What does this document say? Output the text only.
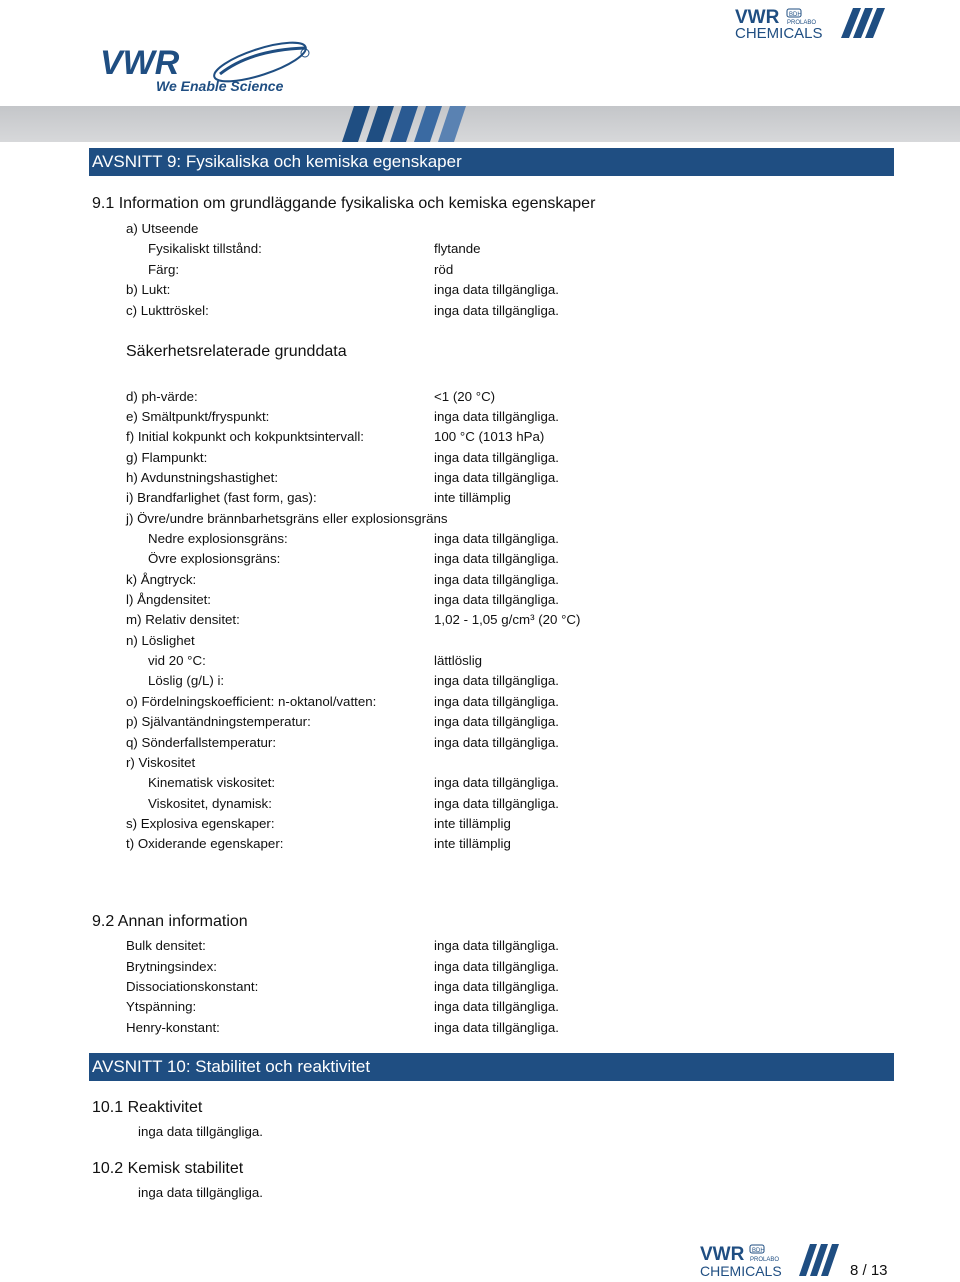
VWR BDH
PROLABO
CHEMICALS
VWR
We Enable Science
AVSNITT 9: Fysikaliska och kemiska egenskaper
9.1 Information om grundläggande fysikaliska och kemiska egenskaper
a) Utseende
Fysikaliskt tillstånd:	flytande
Färg:	röd
b) Lukt:	inga data tillgängliga.
c) Lukttröskel:	inga data tillgängliga.
Säkerhetsrelaterade grunddata
d) ph-värde:	<1 (20 °C)
e) Smältpunkt/fryspunkt:	inga data tillgängliga.
f) Initial kokpunkt och kokpunktsintervall:	100 °C (1013 hPa)
g) Flampunkt:	inga data tillgängliga.
h) Avdunstningshastighet:	inga data tillgängliga.
i) Brandfarlighet (fast form, gas):	inte tillämplig
j) Övre/undre brännbarhetsgräns eller explosionsgräns
Nedre explosionsgräns:	inga data tillgängliga.
Övre explosionsgräns:	inga data tillgängliga.
k) Ångtryck:	inga data tillgängliga.
l) Ångdensitet:	inga data tillgängliga.
m) Relativ densitet:	1,02 - 1,05 g/cm³ (20 °C)
n) Löslighet
vid 20 °C:	lättlöslig
Löslig (g/L) i:	inga data tillgängliga.
o) Fördelningskoefficient: n-oktanol/vatten:	inga data tillgängliga.
p) Självantändningstemperatur:	inga data tillgängliga.
q) Sönderfallstemperatur:	inga data tillgängliga.
r) Viskositet
Kinematisk viskositet:	inga data tillgängliga.
Viskositet, dynamisk:	inga data tillgängliga.
s) Explosiva egenskaper:	inte tillämplig
t) Oxiderande egenskaper:	inte tillämplig
9.2 Annan information
Bulk densitet:	inga data tillgängliga.
Brytningsindex:	inga data tillgängliga.
Dissociationskonstant:	inga data tillgängliga.
Ytspänning:	inga data tillgängliga.
Henry-konstant:	inga data tillgängliga.
AVSNITT 10: Stabilitet och reaktivitet
10.1 Reaktivitet
inga data tillgängliga.
10.2 Kemisk stabilitet
inga data tillgängliga.
VWR BDH
PROLABO
CHEMICALS	8 / 13
